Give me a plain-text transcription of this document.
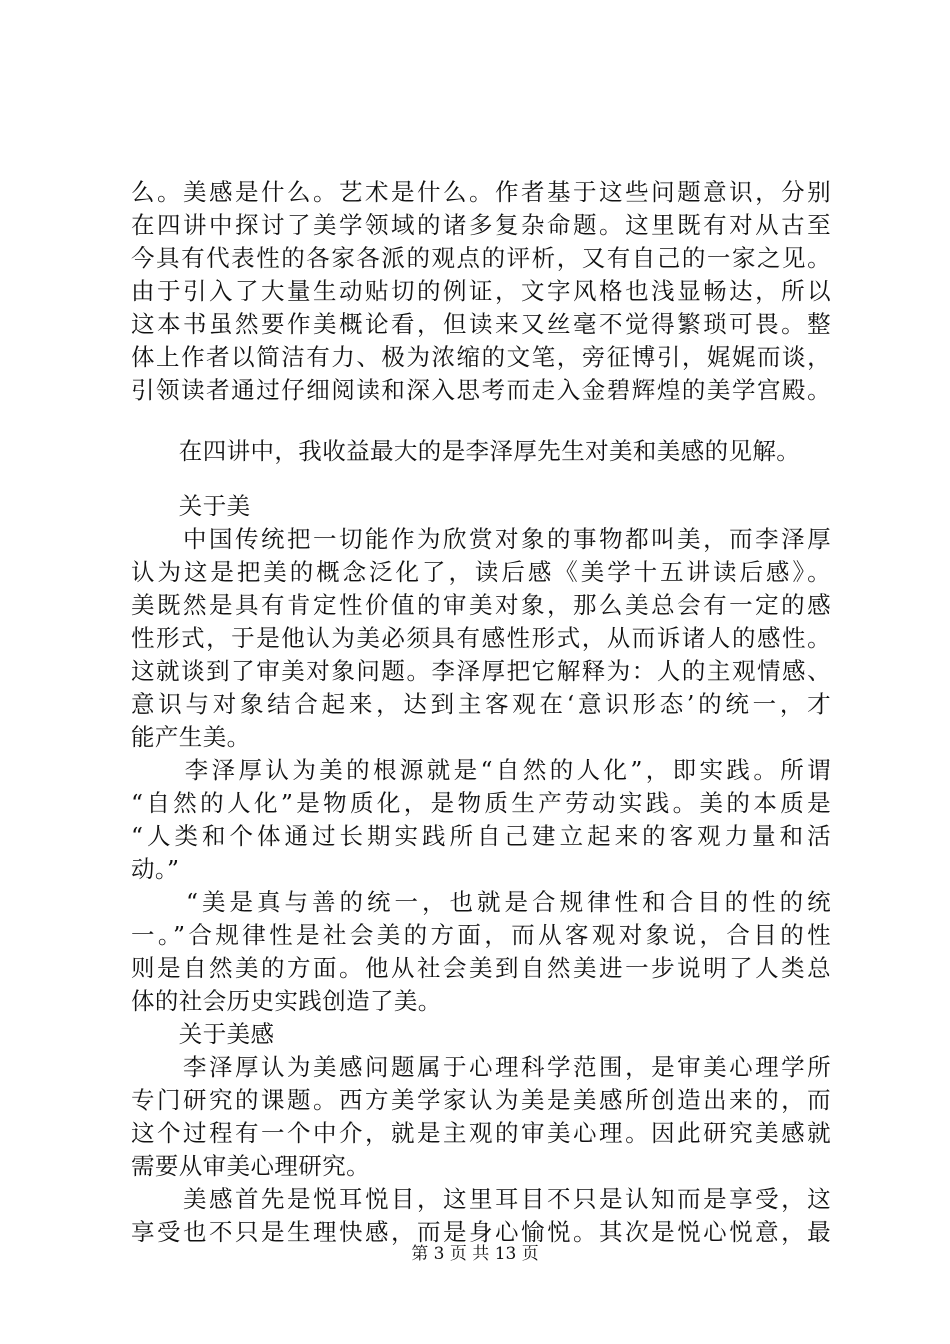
么。美感是什么。艺术是什么。作者基于这些问题意识，分别
在四讲中探讨了美学领域的诸多复杂命题。这里既有对从古至
今具有代表性的各家各派的观点的评析，又有自己的一家之见。
由于引入了大量生动贴切的例证，文字风格也浅显畅达，所以
这本书虽然要作美概论看，但读来又丝毫不觉得繁琐可畏。整
体上作者以简洁有力、极为浓缩的文笔，旁征博引，娓娓而谈，
引领读者通过仔细阅读和深入思考而走入金碧辉煌的美学宫殿。
　　在四讲中，我收益最大的是李泽厚先生对美和美感的见解。
　　关于美
　　中国传统把一切能作为欣赏对象的事物都叫美，而李泽厚
认为这是把美的概念泛化了，读后感《美学十五讲读后感》。
美既然是具有肯定性价值的审美对象，那么美总会有一定的感
性形式，于是他认为美必须具有感性形式，从而诉诸人的感性。
这就谈到了审美对象问题。李泽厚把它解释为：人的主观情感、
意识与对象结合起来，达到主客观在‘意识形态’的统一，才
能产生美。
　　李泽厚认为美的根源就是“自然的人化”，即实践。所谓
“自然的人化”是物质化，是物质生产劳动实践。美的本质是
“人类和个体通过长期实践所自己建立起来的客观力量和活
动。”
　　“美是真与善的统一，也就是合规律性和合目的性的统
一。”合规律性是社会美的方面，而从客观对象说，合目的性
则是自然美的方面。他从社会美到自然美进一步说明了人类总
体的社会历史实践创造了美。
　　关于美感
　　李泽厚认为美感问题属于心理科学范围，是审美心理学所
专门研究的课题。西方美学家认为美是美感所创造出来的，而
这个过程有一个中介，就是主观的审美心理。因此研究美感就
需要从审美心理研究。
　　美感首先是悦耳悦目，这里耳目不只是认知而是享受，这
享受也不只是生理快感，而是身心愉悦。其次是悦心悦意，最
第 3 页 共 13 页
